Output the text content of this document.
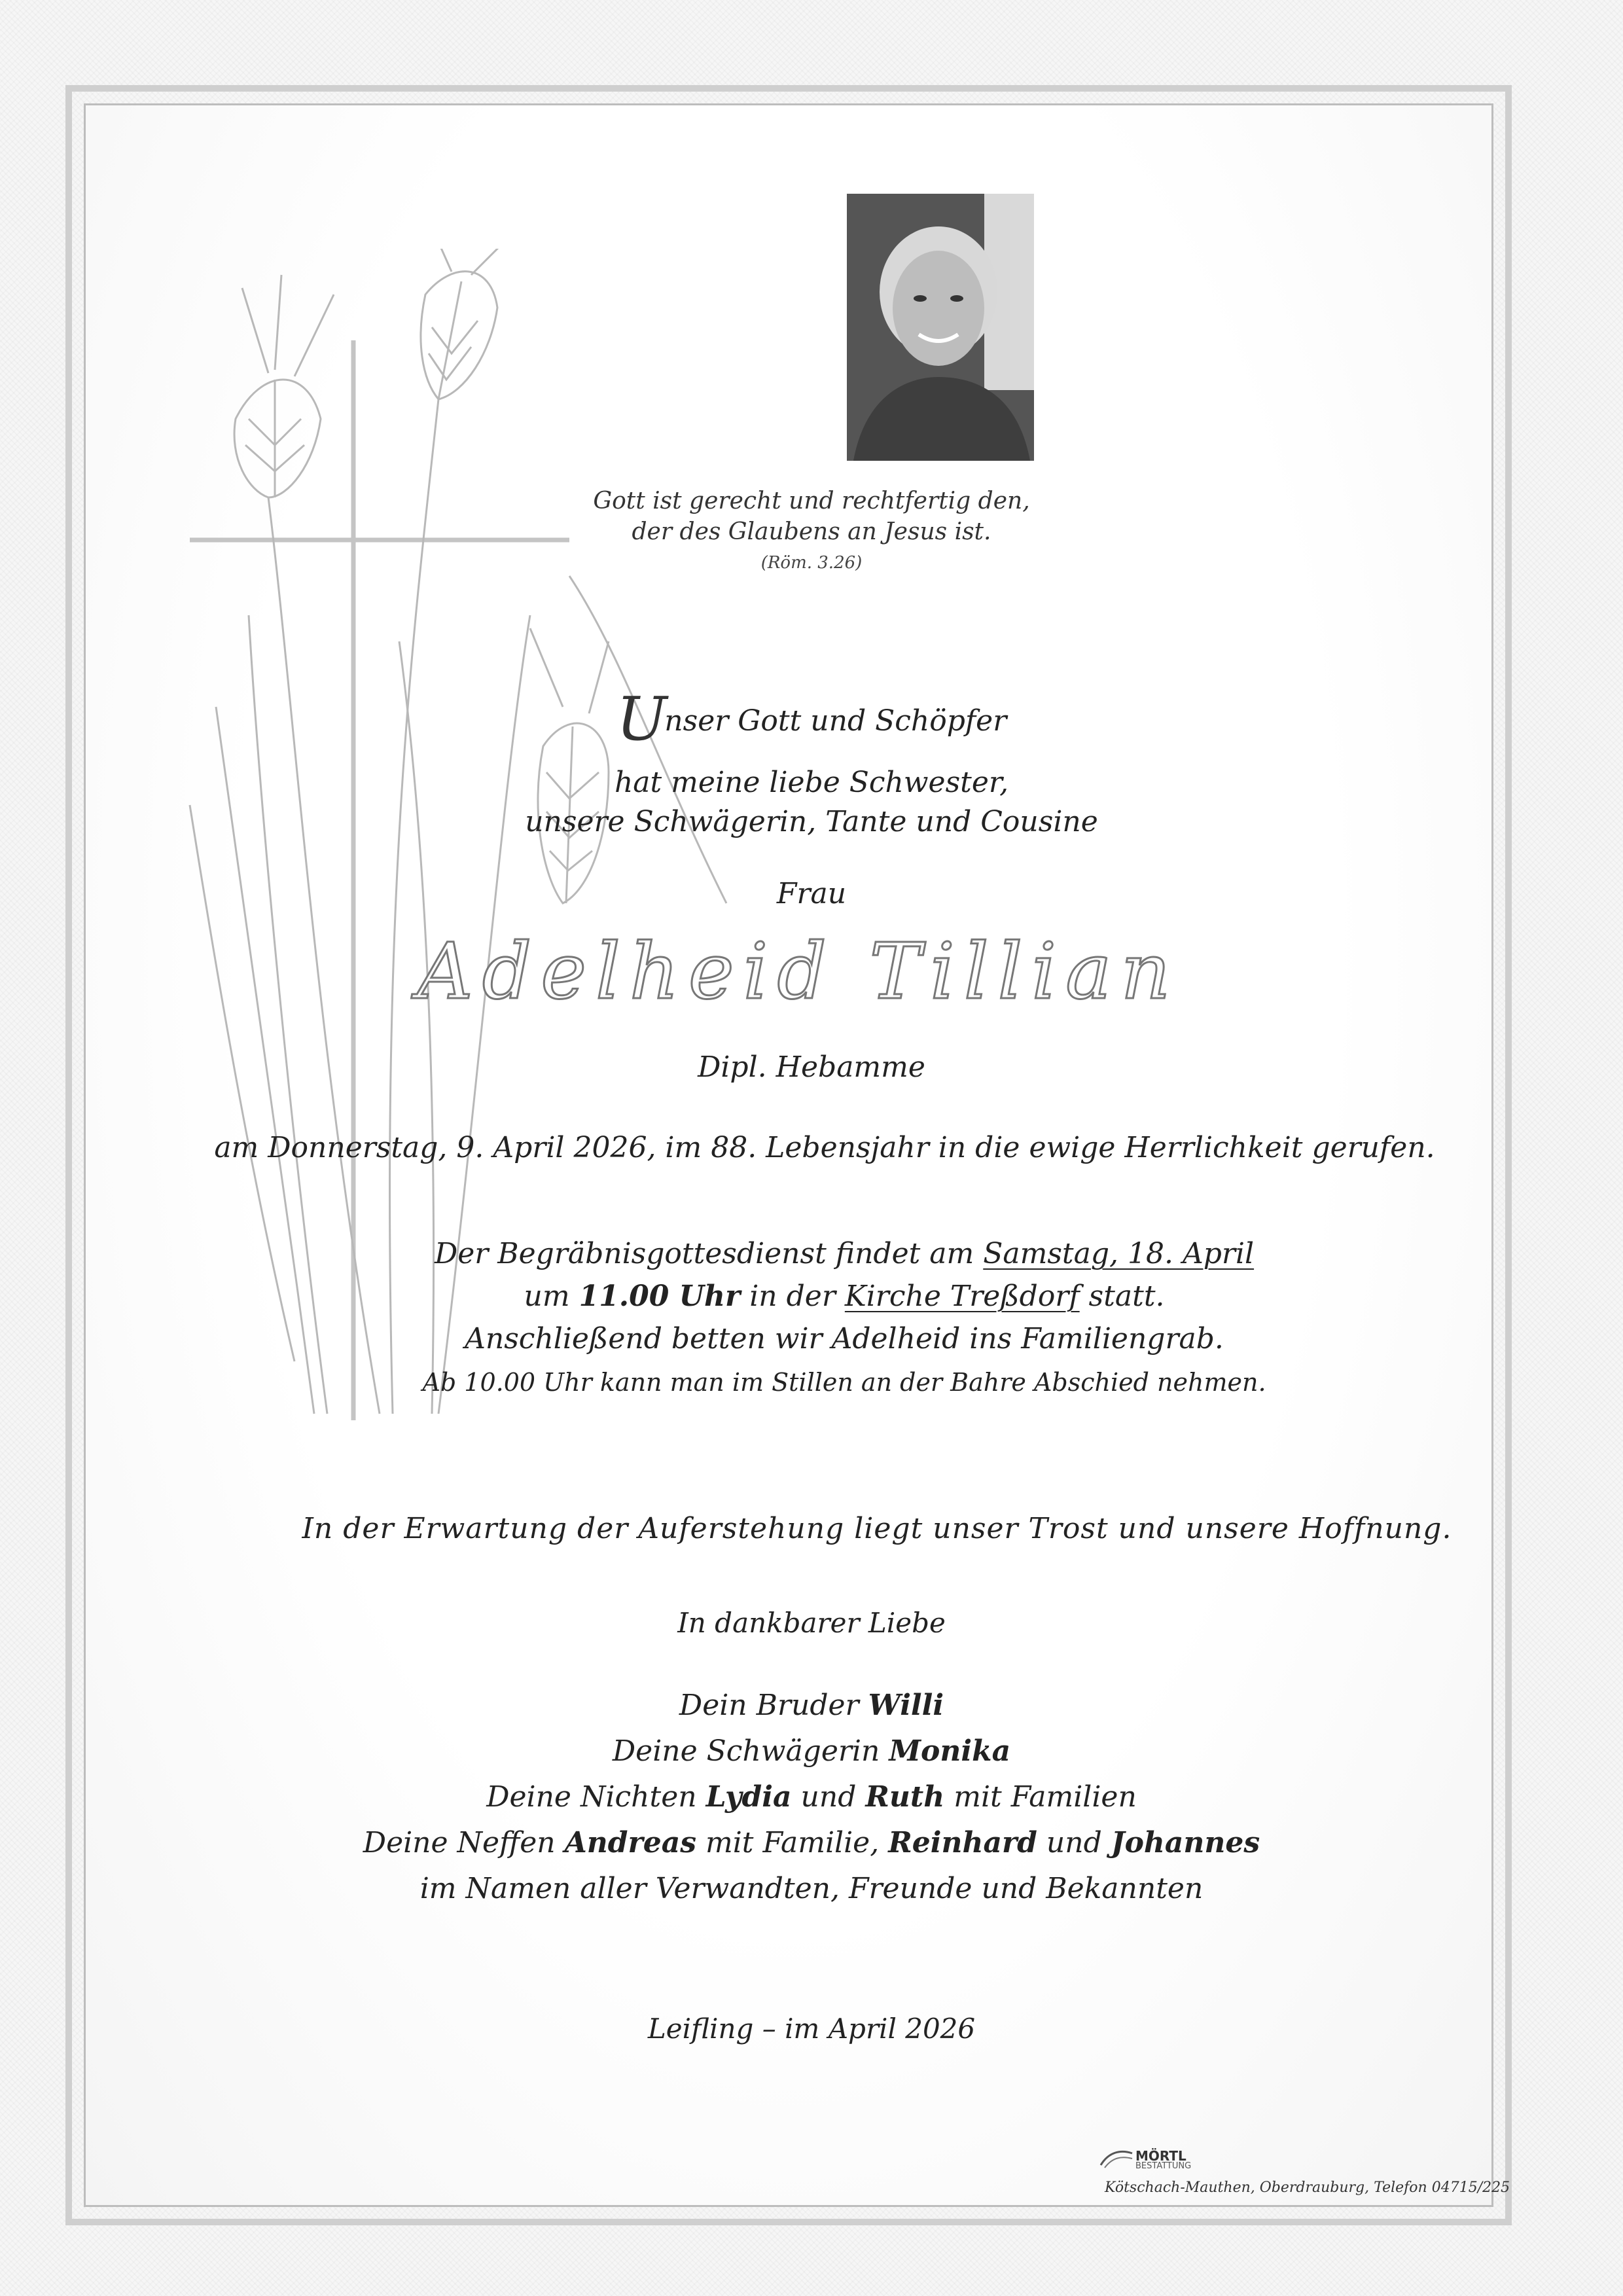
Gott ist gerecht und rechtfertig den,
der des Glaubens an Jesus ist.
(Röm. 3.26)
Unser Gott und Schöpfer
hat meine liebe Schwester,
unsere Schwägerin, Tante und Cousine
Frau
Adelheid Tillian
Dipl. Hebamme
am Donnerstag, 9. April 2026, im 88. Lebensjahr in die ewige Herrlichkeit gerufen.
Der Begräbnisgottesdienst findet am Samstag, 18. April
um 11.00 Uhr in der Kirche Treßdorf statt.
Anschließend betten wir Adelheid ins Familiengrab.
Ab 10.00 Uhr kann man im Stillen an der Bahre Abschied nehmen.
In der Erwartung der Auferstehung liegt unser Trost und unsere Hoffnung.
In dankbarer Liebe
Dein Bruder Willi
Deine Schwägerin Monika
Deine Nichten Lydia und Ruth mit Familien
Deine Neffen Andreas mit Familie, Reinhard und Johannes
im Namen aller Verwandten, Freunde und Bekannten
Leifling – im April 2026
MÖRTL
BESTATTUNG
Kötschach-Mauthen, Oberdrauburg, Telefon 04715/225
